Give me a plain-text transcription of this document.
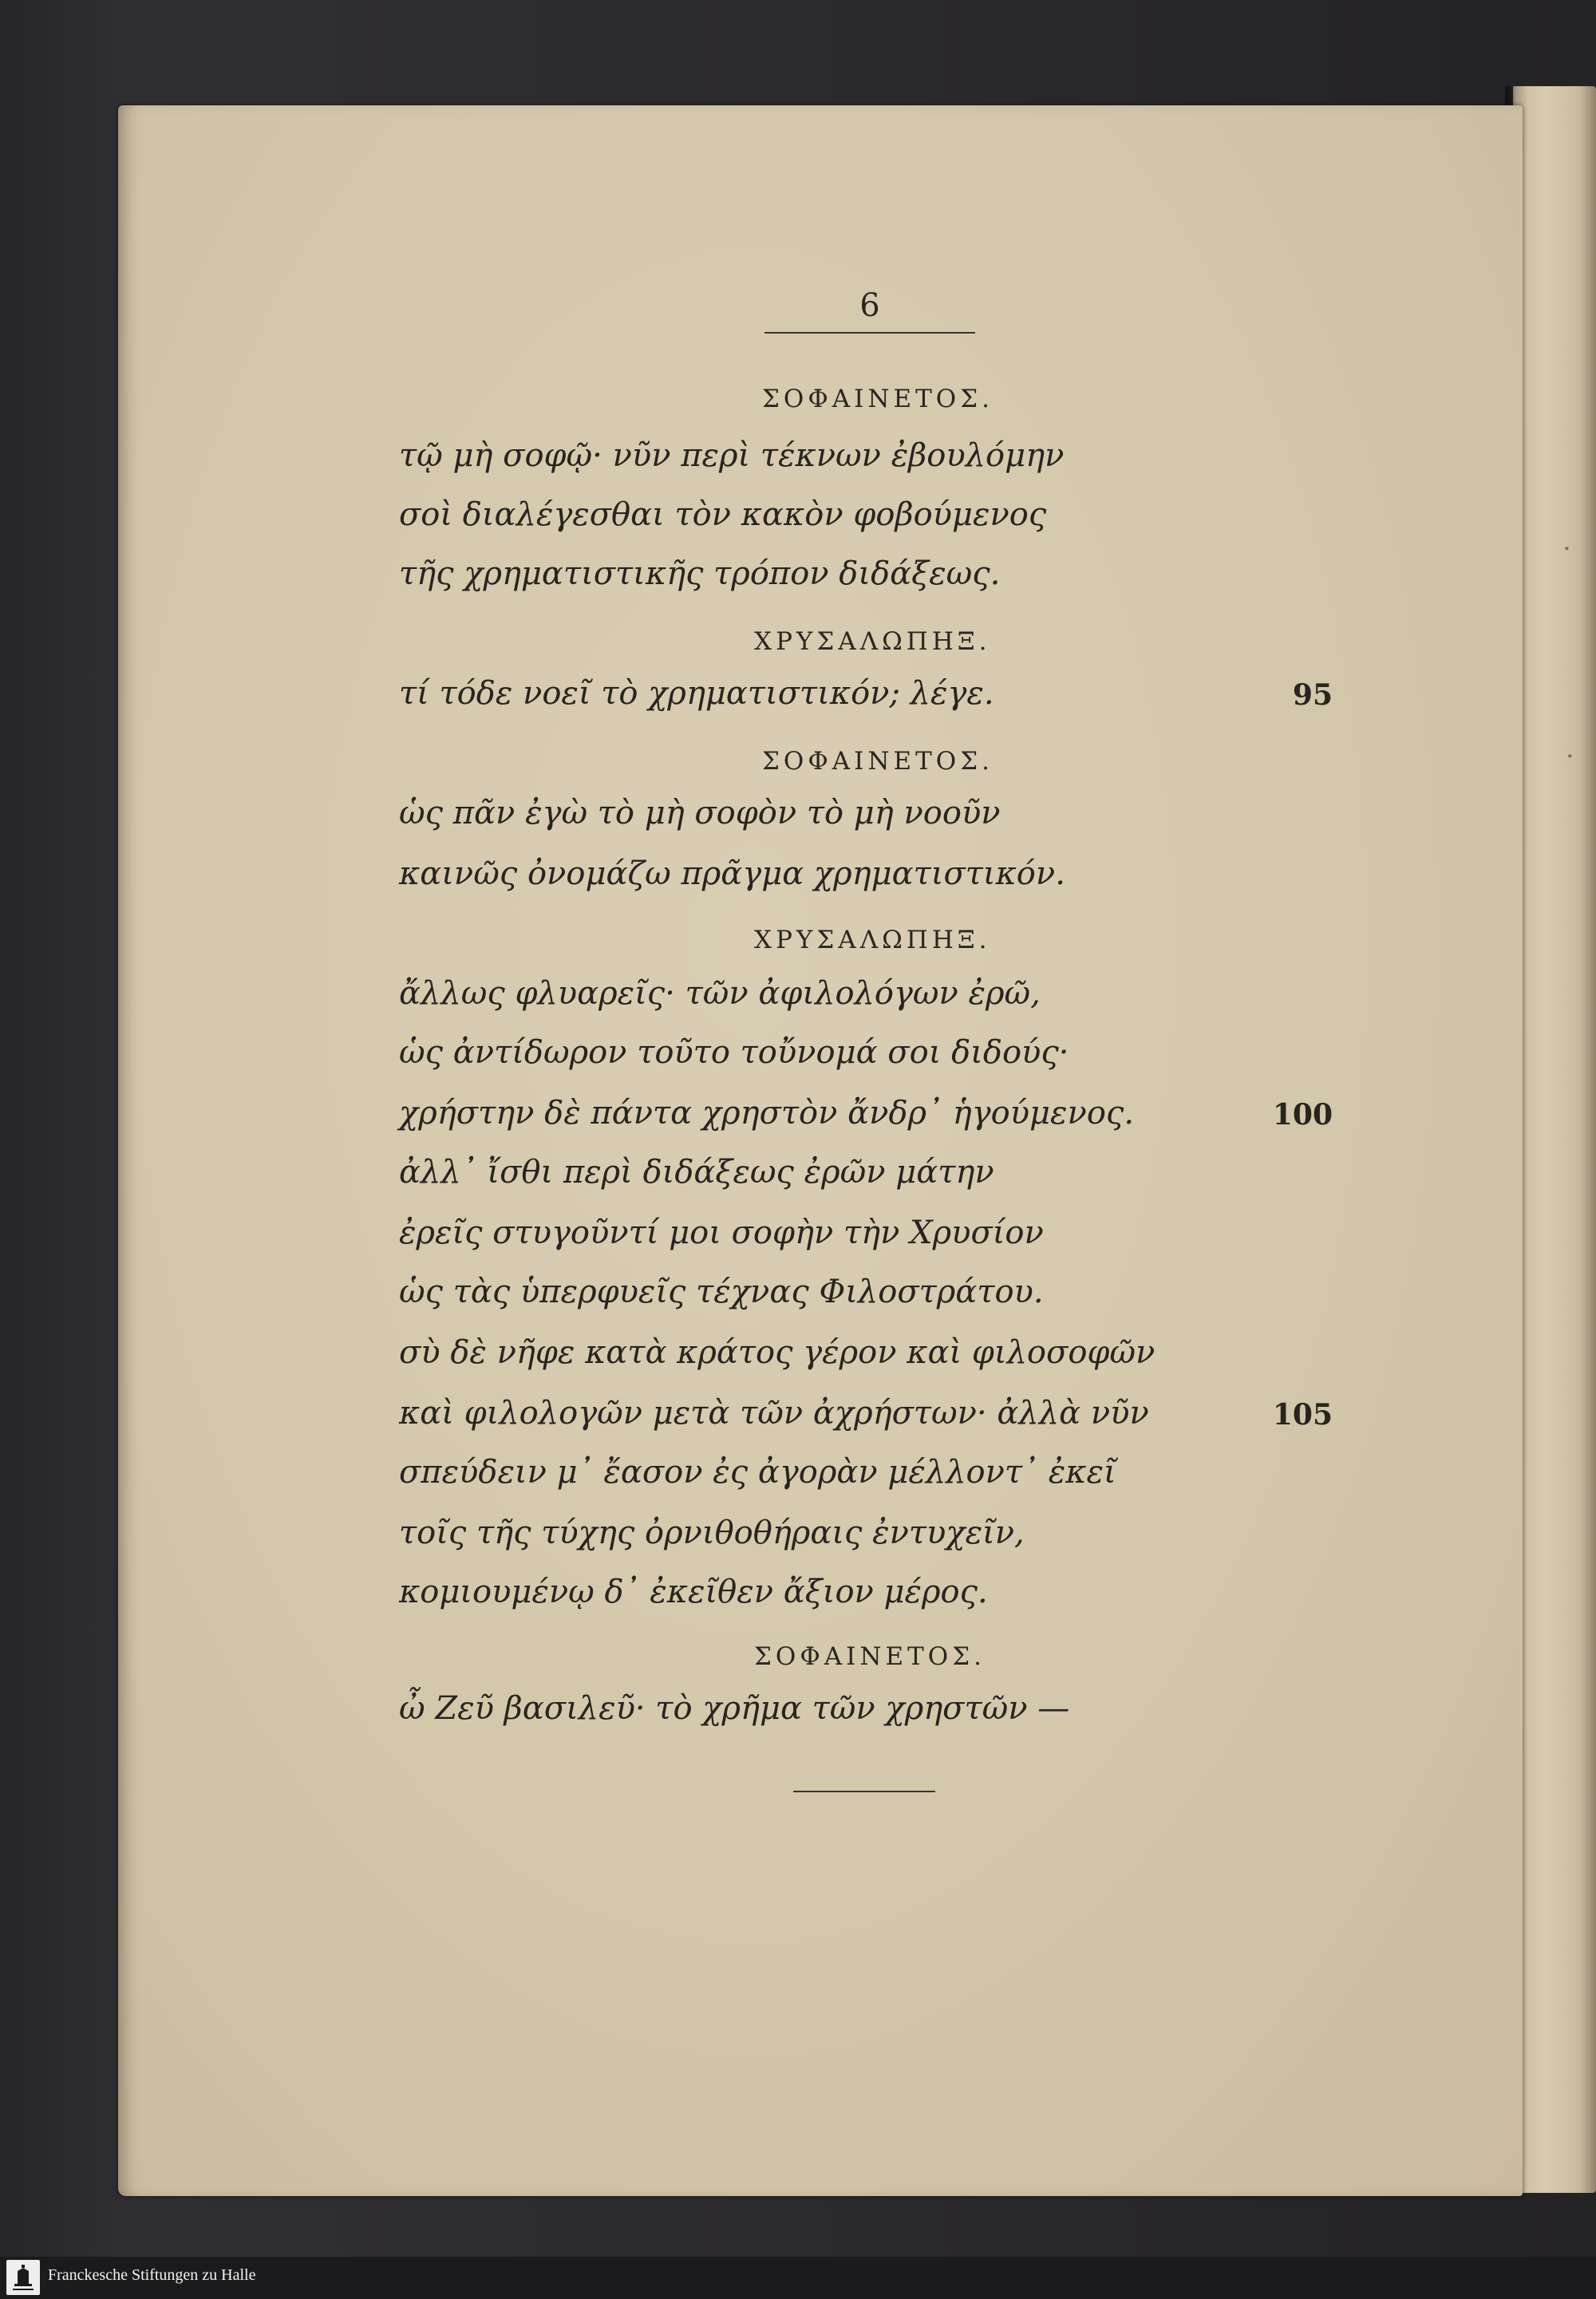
·
·
6
ΣΟΦΑΙΝΕΤΟΣ.
ΧΡΥΣΑΛΩΠΗΞ.
ΣΟΦΑΙΝΕΤΟΣ.
ΧΡΥΣΑΛΩΠΗΞ.
ΣΟΦΑΙΝΕΤΟΣ.
τῷ μὴ σοφῷ· νῦν περὶ τέκνων ἐβουλόμην
σοὶ διαλέγεσθαι τὸν κακὸν φοβούμενος
τῆς χρηματιστικῆς τρόπον διδάξεως.
τί τόδε νοεῖ τὸ χρηματιστικόν; λέγε.	95
ὡς πᾶν ἐγὼ τὸ μὴ σοφὸν τὸ μὴ νοοῦν
καινῶς ὀνομάζω πρᾶγμα χρηματιστικόν.
ἄλλως φλυαρεῖς· τῶν ἀφιλολόγων ἐρῶ,
ὡς ἀντίδωρον τοῦτο τοὔνομά σοι διδούς·
χρήστην δὲ πάντα χρηστὸν ἄνδρ᾽ ἡγούμενος.	100
ἀλλ᾽ ἴσθι περὶ διδάξεως ἐρῶν μάτην
ἐρεῖς στυγοῦντί μοι σοφὴν τὴν Χρυσίον
ὡς τὰς ὑπερφυεῖς τέχνας Φιλοστράτου.
σὺ δὲ νῆφε κατὰ κράτος γέρον καὶ φιλοσοφῶν
καὶ φιλολογῶν μετὰ τῶν ἀχρήστων· ἀλλὰ νῦν	105
σπεύδειν μ᾽ ἔασον ἐς ἀγορὰν μέλλοντ᾽ ἐκεῖ
τοῖς τῆς τύχης ὀρνιθοθήραις ἐντυχεῖν,
κομιουμένῳ δ᾽ ἐκεῖθεν ἄξιον μέρος.
ὦ Ζεῦ βασιλεῦ· τὸ χρῆμα τῶν χρηστῶν —
Franckesche Stiftungen zu Halle
